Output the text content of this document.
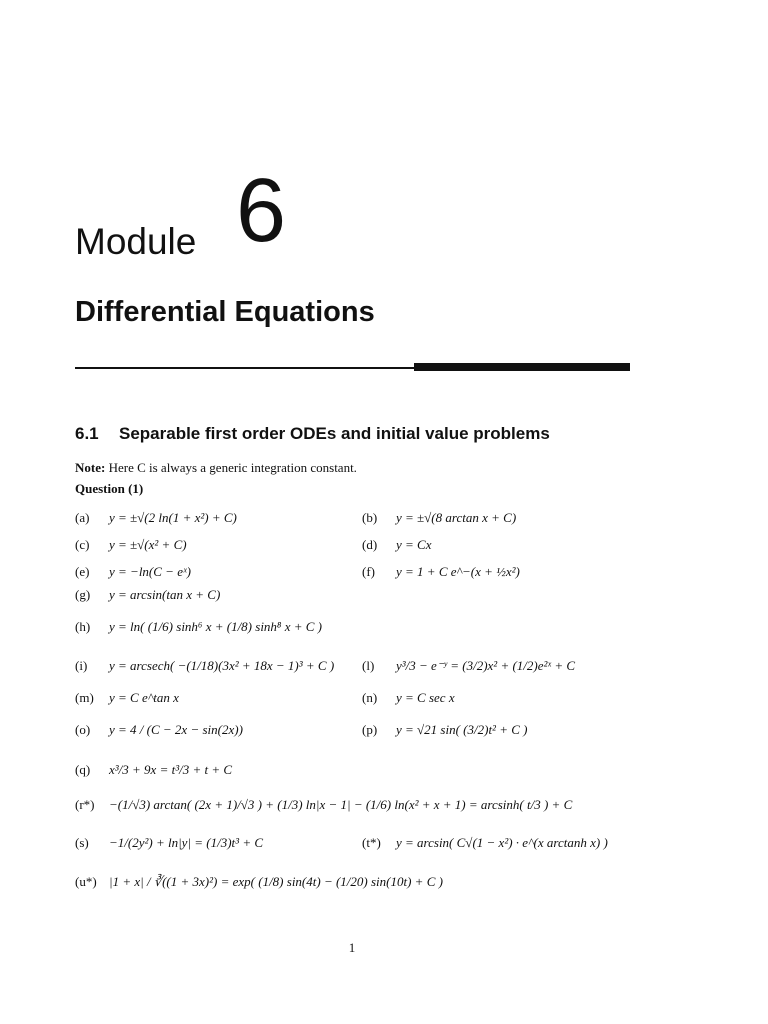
Module 6
Differential Equations
6.1 Separable first order ODEs and initial value problems
Note: Here C is always a generic integration constant.
Question (1)
(a)	y = ±√(2 ln(1 + x²) + C)	(b)	y = ±√(8 arctan x + C)
(c)	y = ±√(x² + C)	(d)	y = Cx
(e)	y = −ln(C − eˣ)	(f)	y = 1 + C e^−(x + ½x²)
(g)	y = arcsin(tan x + C)
(h)	y = ln( (1/6) sinh⁶ x + (1/8) sinh⁸ x + C )
(i)	y = arcsech( −(1/18)(3x² + 18x − 1)³ + C ) (l)	y³/3 − e⁻ʸ = (3/2)x² + (1/2)e²ˣ + C
(m)	y = C e^tan x	(n)	y = C sec x
(o)	y = 4 / (C − 2x − sin(2x))	(p)	y = √21 sin( (3/2)t² + C )
(q)	x³/3 + 9x = t³/3 + t + C
(r*)	−(1/√3) arctan( (2x + 1)/√3 ) + (1/3) ln|x − 1| − (1/6) ln(x² + x + 1) = arcsinh( t/3 ) + C
(s)	−1/(2y²) + ln|y| = (1/3)t³ + C	(t*)	y = arcsin( C√(1 − x²) · e^(x arctanh x) )
(u*) |1 + x| / ∛((1 + 3x)²) = exp( (1/8) sin(4t) − (1/20) sin(10t) + C )
1
